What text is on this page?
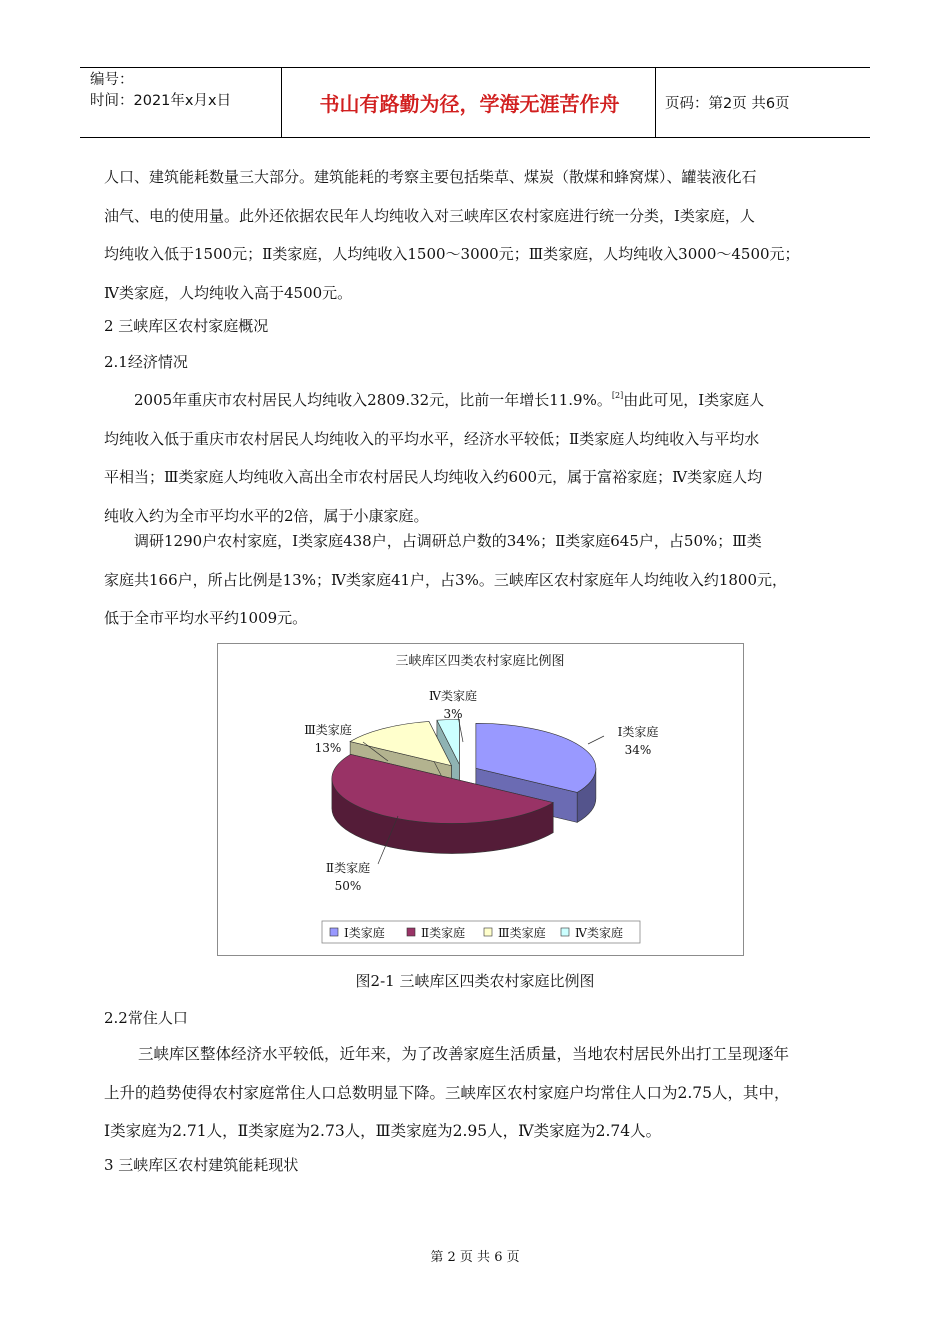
编号：
时间：2021年x月x日	书山有路勤为径，学海无涯苦作舟	页码：第2页 共6页

人口、建筑能耗数量三大部分。建筑能耗的考察主要包括柴草、煤炭（散煤和蜂窝煤）、罐装液化石
油气、电的使用量。此外还依据农民年人均纯收入对三峡库区农村家庭进行统一分类，Ⅰ类家庭，人
均纯收入低于1500元；Ⅱ类家庭，人均纯收入1500～3000元；Ⅲ类家庭，人均纯收入3000～4500元；
Ⅳ类家庭，人均纯收入高于4500元。

2 三峡库区农村家庭概况

2.1经济情况

2005年重庆市农村居民人均纯收入2809.32元，比前一年增长11.9%。[2]由此可见，Ⅰ类家庭人
均纯收入低于重庆市农村居民人均纯收入的平均水平，经济水平较低；Ⅱ类家庭人均纯收入与平均水
平相当；Ⅲ类家庭人均纯收入高出全市农村居民人均纯收入约600元，属于富裕家庭；Ⅳ类家庭人均
纯收入约为全市平均水平的2倍，属于小康家庭。

调研1290户农村家庭，Ⅰ类家庭438户，占调研总户数的34%；Ⅱ类家庭645户，占50%；Ⅲ类
家庭共166户，所占比例是13%；Ⅳ类家庭41户，占3%。三峡库区农村家庭年人均纯收入约1800元，
低于全市平均水平约1009元。

三峡库区四类农村家庭比例图
Ⅰ类家庭
34%
Ⅱ类家庭
50%
Ⅲ类家庭
13%
Ⅳ类家庭
3%
Ⅰ类家庭	Ⅱ类家庭	Ⅲ类家庭 Ⅳ类家庭
图2-1 三峡库区四类农村家庭比例图

2.2常住人口

三峡库区整体经济水平较低，近年来，为了改善家庭生活质量，当地农村居民外出打工呈现逐年
上升的趋势使得农村家庭常住人口总数明显下降。三峡库区农村家庭户均常住人口为2.75人，其中，
Ⅰ类家庭为2.71人，Ⅱ类家庭为2.73人，Ⅲ类家庭为2.95人，Ⅳ类家庭为2.74人。

3 三峡库区农村建筑能耗现状

第 2 页 共 6 页
